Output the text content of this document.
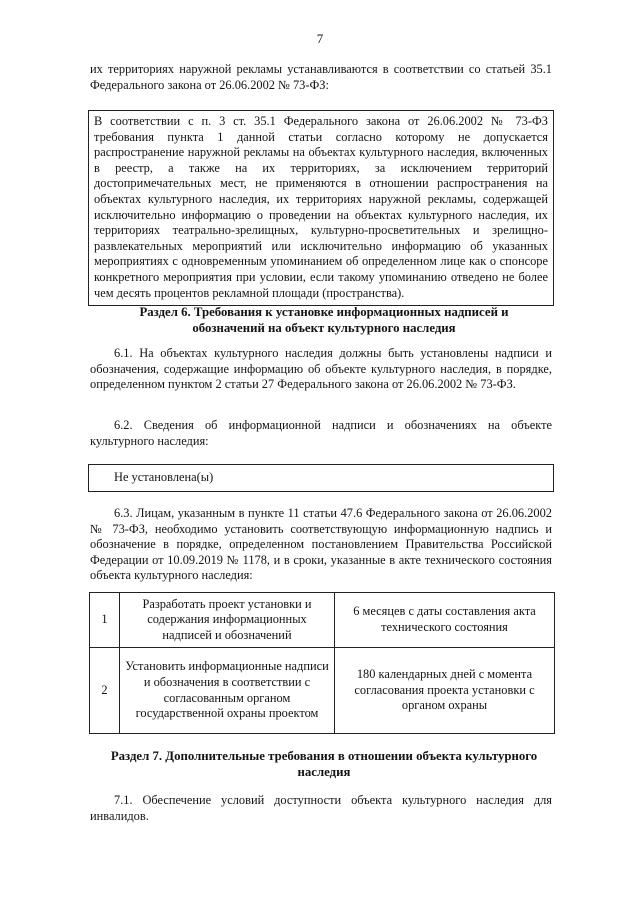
7
их территориях наружной рекламы устанавливаются в соответствии со статьей 35.1 Федерального закона от 26.06.2002 № 73-ФЗ:
В соответствии с п. 3 ст. 35.1 Федерального закона от 26.06.2002 № 73-ФЗ требования пункта 1 данной статьи согласно которому не допускается распространение наружной рекламы на объектах культурного наследия, включенных в реестр, а также на их территориях, за исключением территорий достопримечательных мест, не применяются в отношении распространения на объектах культурного наследия, их территориях наружной рекламы, содержащей исключительно информацию о проведении на объектах культурного наследия, их территориях театрально-зрелищных, культурно-просветительных и зрелищно-развлекательных мероприятий или исключительно информацию об указанных мероприятиях с одновременным упоминанием об определенном лице как о спонсоре конкретного мероприятия при условии, если такому упоминанию отведено не более чем десять процентов рекламной площади (пространства).
Раздел 6. Требования к установке информационных надписей и обозначений на объект культурного наследия
6.1. На объектах культурного наследия должны быть установлены надписи и обозначения, содержащие информацию об объекте культурного наследия, в порядке, определенном пунктом 2 статьи 27 Федерального закона от 26.06.2002 № 73-ФЗ.
6.2. Сведения об информационной надписи и обозначениях на объекте культурного наследия:
Не установлена(ы)
6.3. Лицам, указанным в пункте 11 статьи 47.6 Федерального закона от 26.06.2002 № 73-ФЗ, необходимо установить соответствующую информационную надпись и обозначение в порядке, определенном постановлением Правительства Российской Федерации от 10.09.2019 № 1178, и в сроки, указанные в акте технического состояния объекта культурного наследия:
1	Разработать проект установки и содержания информационных надписей и обозначений	6 месяцев с даты составления акта технического состояния
2	Установить информационные надписи и обозначения в соответствии с согласованным органом государственной охраны проектом	180 календарных дней с момента согласования проекта установки с органом охраны
Раздел 7. Дополнительные требования в отношении объекта культурного наследия
7.1. Обеспечение условий доступности объекта культурного наследия для инвалидов.
